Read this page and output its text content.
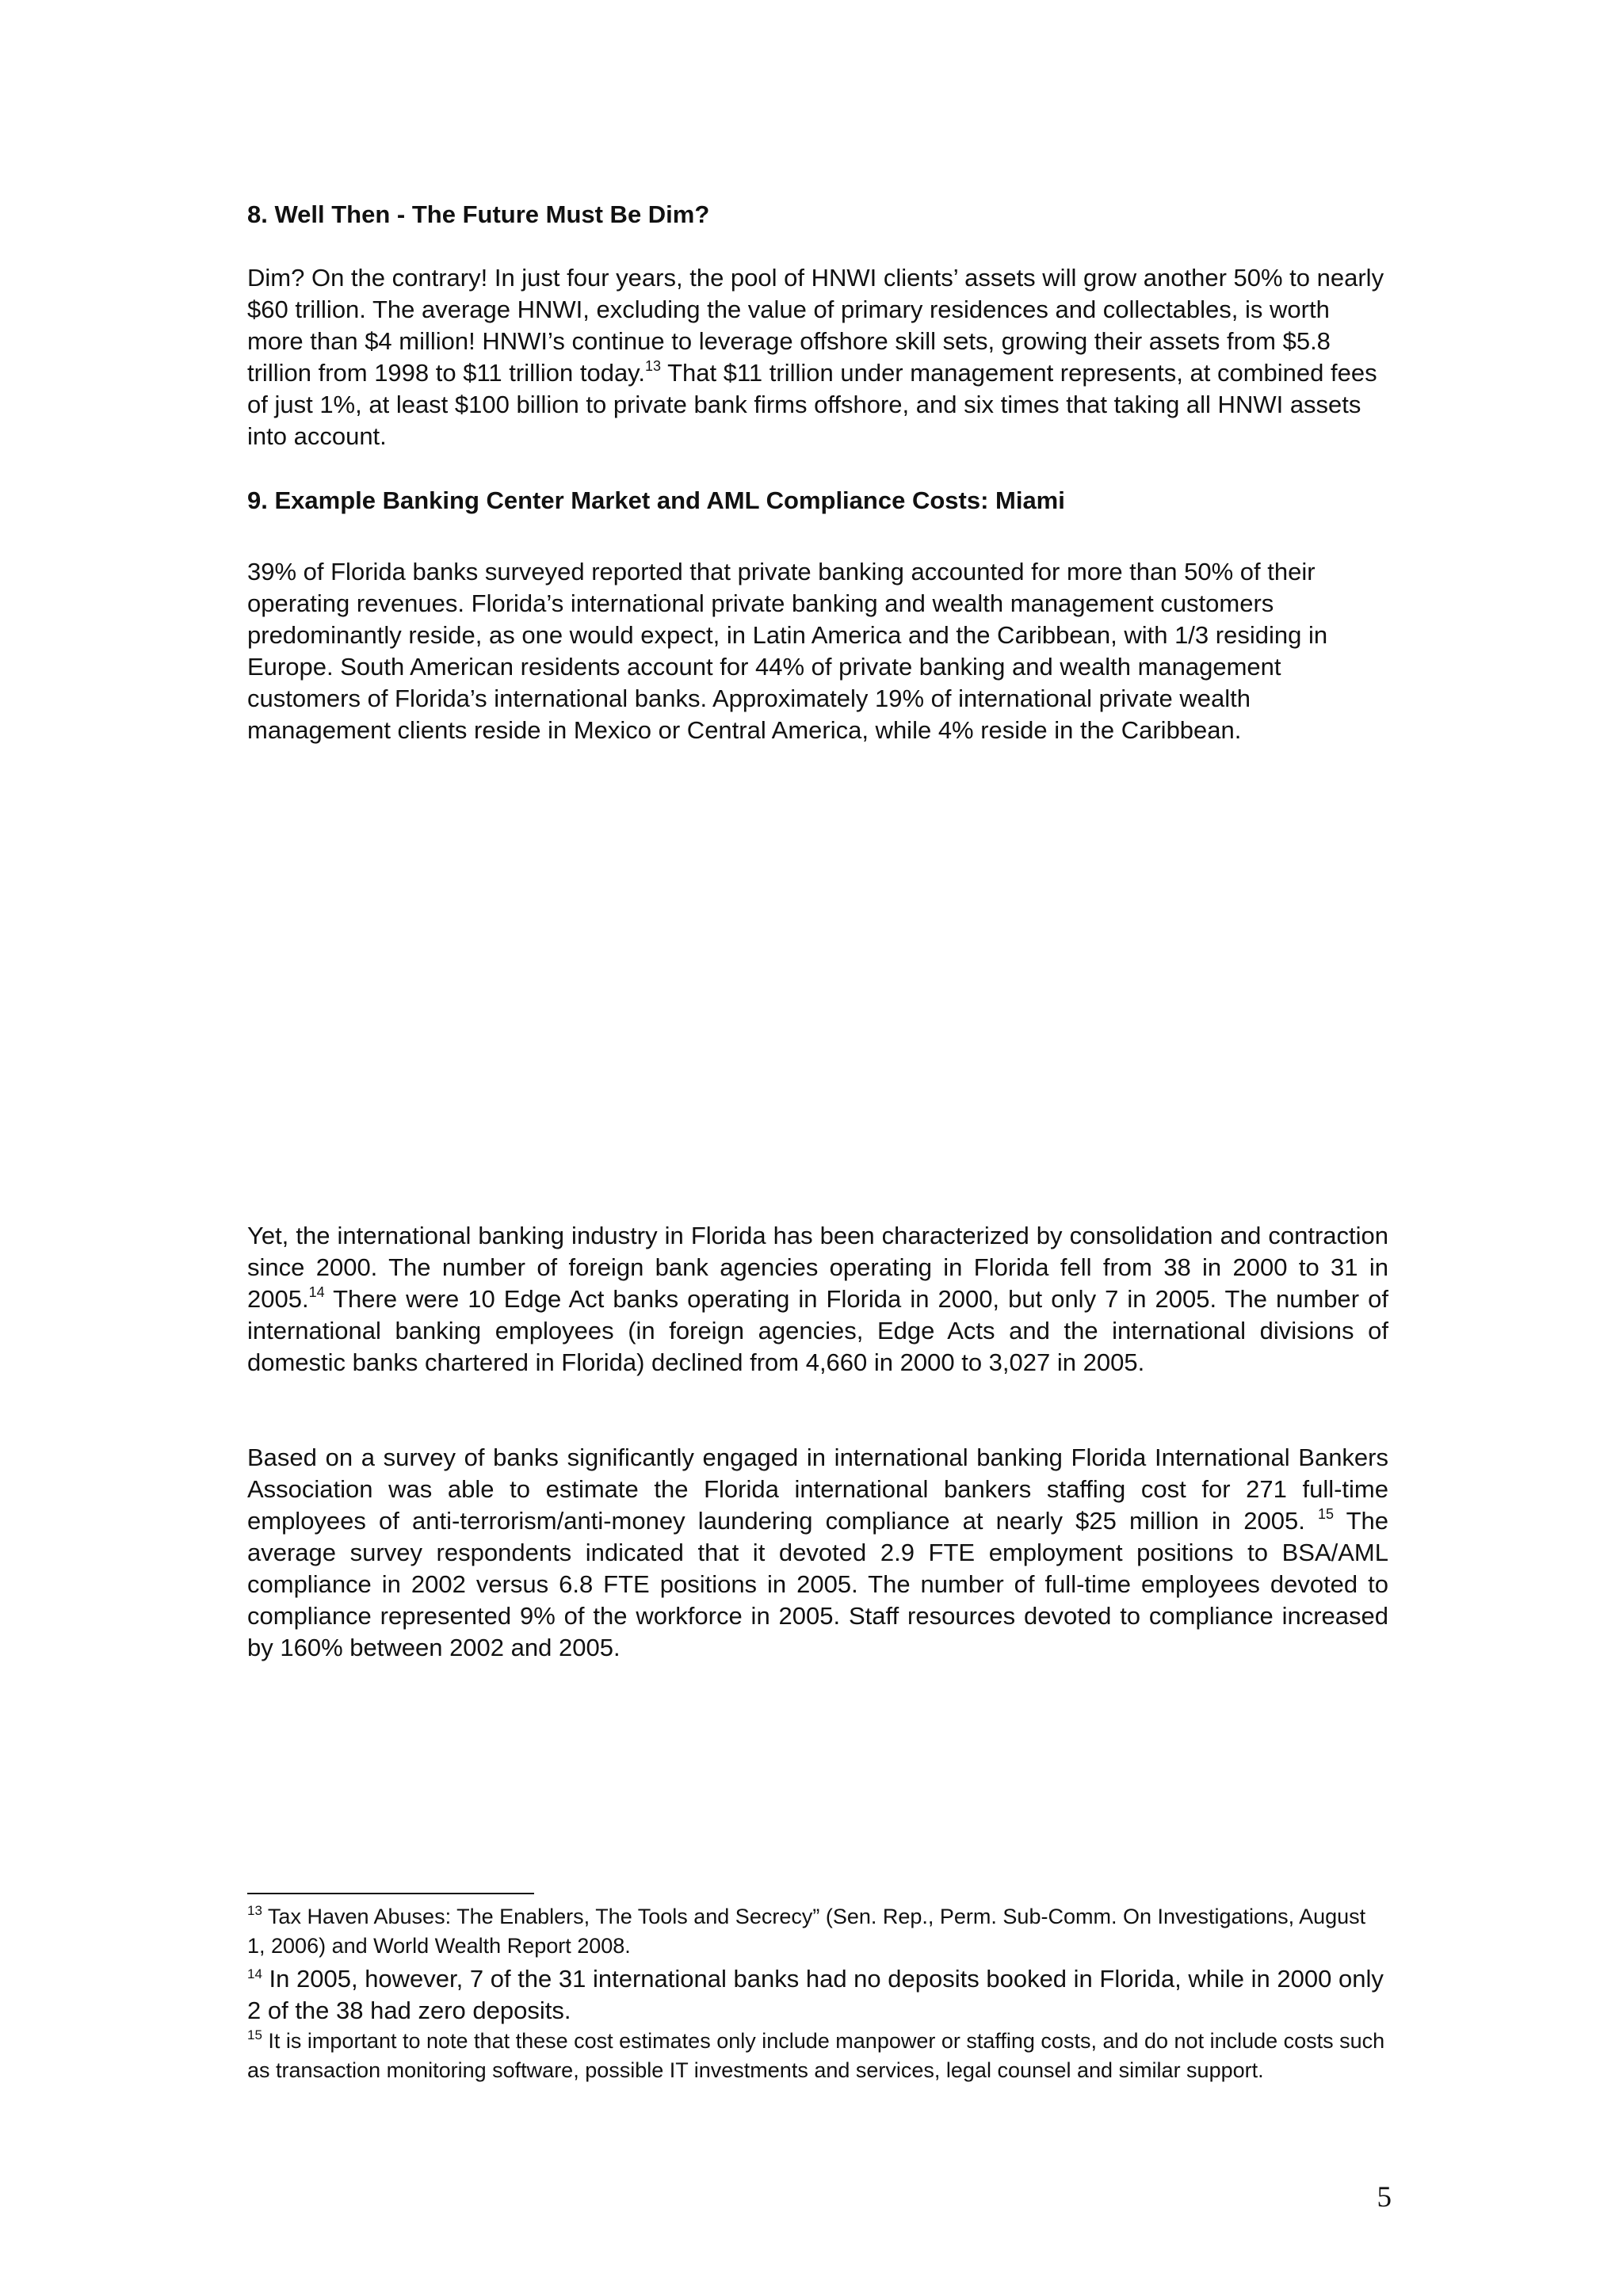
8. Well Then - The Future Must Be Dim?

Dim? On the contrary! In just four years, the pool of HNWI clients’ assets will grow another 50% to nearly $60 trillion. The average HNWI, excluding the value of primary residences and collectables, is worth more than $4 million! HNWI’s continue to leverage offshore skill sets, growing their assets from $5.8 trillion from 1998 to $11 trillion today.$^{13}$ That $11 trillion under management represents, at combined fees of just 1%, at least $100 billion to private bank firms offshore, and six times that taking all HNWI assets into account.

9. Example Banking Center Market and AML Compliance Costs: Miami

39% of Florida banks surveyed reported that private banking accounted for more than 50% of their operating revenues. Florida’s international private banking and wealth management customers predominantly reside, as one would expect, in Latin America and the Caribbean, with 1/3 residing in Europe. South American residents account for 44% of private banking and wealth management customers of Florida’s international banks. Approximately 19% of international private wealth management clients reside in Mexico or Central America, while 4% reside in the Caribbean.

Yet, the international banking industry in Florida has been characterized by consolidation and contraction since 2000. The number of foreign bank agencies operating in Florida fell from 38 in 2000 to 31 in 2005.14 There were 10 Edge Act banks operating in Florida in 2000, but only 7 in 2005. The number of international banking employees (in foreign agencies, Edge Acts and the international divisions of domestic banks chartered in Florida) declined from 4,660 in 2000 to 3,027 in 2005.

Based on a survey of banks significantly engaged in international banking Florida International Bankers Association was able to estimate the Florida international bankers staffing cost for 271 full-time employees of anti-terrorism/anti-money laundering compliance at nearly $25 million in 2005. $^{15}$ The average survey respondents indicated that it devoted 2.9 FTE employment positions to BSA/AML compliance in 2002 versus 6.8 FTE positions in 2005. The number of full-time employees devoted to compliance represented 9% of the workforce in 2005. Staff resources devoted to compliance increased by 160% between 2002 and 2005.

$^{13}$ Tax Haven Abuses: The Enablers, The Tools and Secrecy” (Sen. Rep., Perm. Sub-Comm. On Investigations, August 1, 2006) and World Wealth Report 2008.

$^{14}$ In 2005, however, 7 of the 31 international banks had no deposits booked in Florida, while in 2000 only 2 of the 38 had zero deposits.

$^{15}$ It is important to note that these cost estimates only include manpower or staffing costs, and do not include costs such as transaction monitoring software, possible IT investments and services, legal counsel and similar support.

5
